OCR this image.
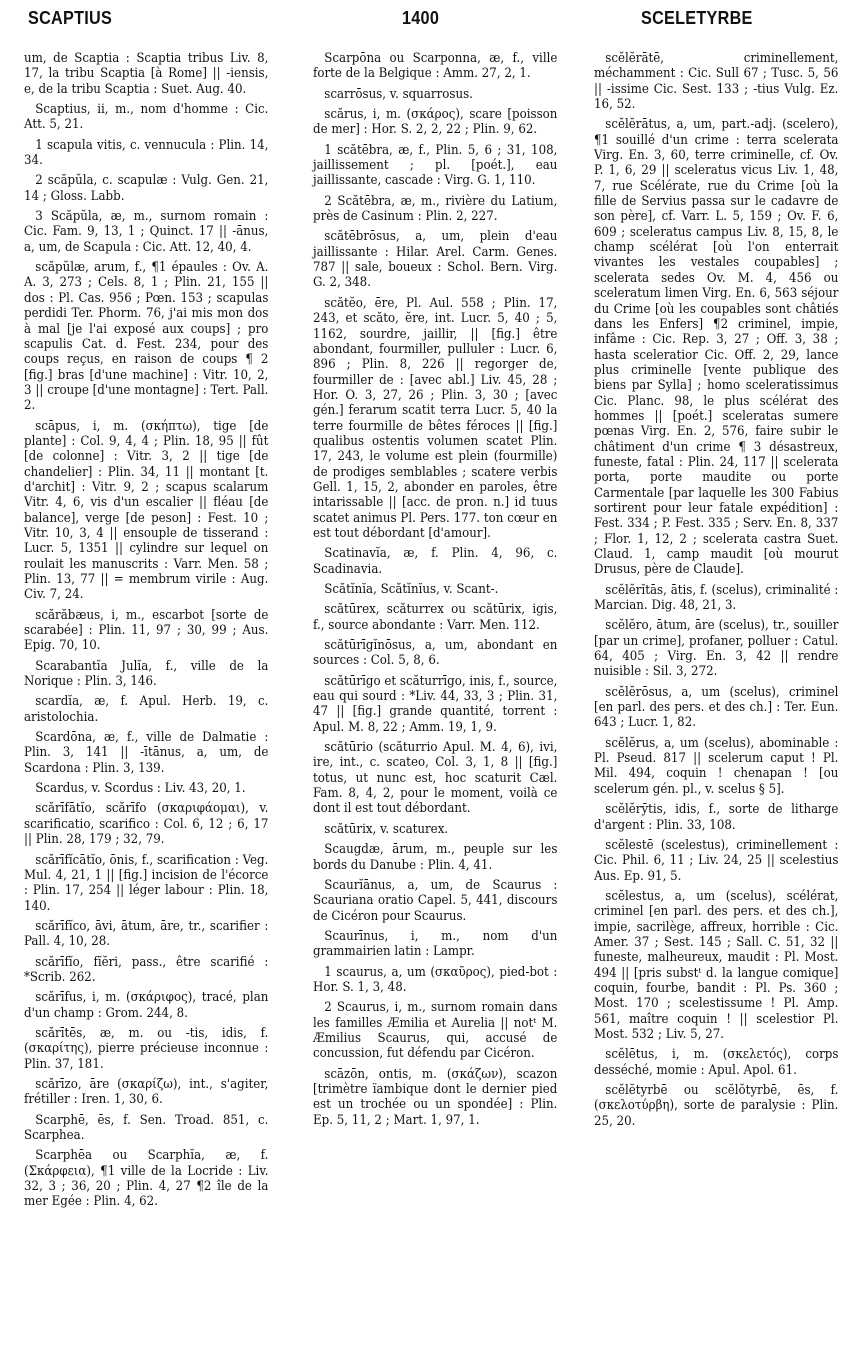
SCAPTIUS	1400	SCELETYRBE

um, de Scaptia : Scaptia tribus Liv. 8, 17, la tribu Scaptia [à Rome] || -iensis, e, de la tribu Scaptia : Suet. Aug. 40.

Scaptius, ii, m., nom d'homme : Cic. Att. 5, 21.

1 scapula vitis, c. vennucula : Plin. 14, 34.

2 scăpŭla, c. scapulæ : Vulg. Gen. 21, 14 ; Gloss. Labb.

3 Scăpŭla, æ, m., surnom romain : Cic. Fam. 9, 13, 1 ; Quinct. 17 || -ānus, a, um, de Scapula : Cic. Att. 12, 40, 4.

scăpŭlæ, arum, f., ¶1 épaules : Ov. A. A. 3, 273 ; Cels. 8, 1 ; Plin. 21, 155 || dos : Pl. Cas. 956 ; Pœn. 153 ; scapulas perdidi Ter. Phorm. 76, j'ai mis mon dos à mal [je l'ai exposé aux coups] ; pro scapulis Cat. d. Fest. 234, pour des coups reçus, en raison de coups ¶ 2 [fig.] bras [d'une machine] : Vitr. 10, 2, 3 || croupe [d'une montagne] : Tert. Pall. 2.

scāpus, i, m. (σκήπτω), tige [de plante] : Col. 9, 4, 4 ; Plin. 18, 95 || fût [de colonne] : Vitr. 3, 2 || tige [de chandelier] : Plin. 34, 11 || montant [t. d'archit] : Vitr. 9, 2 ; scapus scalarum Vitr. 4, 6, vis d'un escalier || fléau [de balance], verge [de peson] : Fest. 10 ; Vitr. 10, 3, 4 || ensouple de tisserand : Lucr. 5, 1351 || cylindre sur lequel on roulait les manuscrits : Varr. Men. 58 ; Plin. 13, 77 || = membrum virile : Aug. Civ. 7, 24.

scărăbæus, i, m., escarbot [sorte de scarabée] : Plin. 11, 97 ; 30, 99 ; Aus. Epig. 70, 10.

Scarabantĭa Julĭa, f., ville de la Norique : Plin. 3, 146.

scardĭa, æ, f. Apul. Herb. 19, c. aristolochia.

Scardōna, æ, f., ville de Dalmatie : Plin. 3, 141 || -ītānus, a, um, de Scardona : Plin. 3, 139.

Scardus, v. Scordus : Liv. 43, 20, 1.

scărīfātĭo, scărīfo (σκαριφάομαι), v. scarificatio, scarifico : Col. 6, 12 ; 6, 17 || Plin. 28, 179 ; 32, 79.

scărīfĭcātĭo, ōnis, f., scarification : Veg. Mul. 4, 21, 1 || [fig.] incision de l'écorce : Plin. 17, 254 || léger labour : Plin. 18, 140.

scărīfĭco, āvi, ātum, āre, tr., scarifier : Pall. 4, 10, 28.

scărīfĭo, fĭĕri, pass., être scarifié : *Scrib. 262.

scărīfus, i, m. (σκάριφος), tracé, plan d'un champ : Grom. 244, 8.

scărītēs, æ, m. ou -tis, idis, f. (σκαρίτης), pierre précieuse inconnue : Plin. 37, 181.

scărīzo, āre (σκαρίζω), int., s'agiter, frétiller : Iren. 1, 30, 6.

Scarphē, ēs, f. Sen. Troad. 851, c. Scarphea.

Scarphēa ou Scarphĭa, æ, f. (Σκάρφεια), ¶1 ville de la Locride : Liv. 32, 3 ; 36, 20 ; Plin. 4, 27 ¶2 île de la mer Egée : Plin. 4, 62.

Scarpōna ou Scarponna, æ, f., ville forte de la Belgique : Amm. 27, 2, 1.

scarrōsus, v. squarrosus.

scărus, i, m. (σκάρος), scare [poisson de mer] : Hor. S. 2, 2, 22 ; Plin. 9, 62.

1 scătēbra, æ, f., Plin. 5, 6 ; 31, 108, jaillissement ; pl. [poét.], eau jaillissante, cascade : Virg. G. 1, 110.

2 Scătēbra, æ, m., rivière du Latium, près de Casinum : Plin. 2, 227.

scătēbrōsus, a, um, plein d'eau jaillissante : Hilar. Arel. Carm. Genes. 787 || sale, boueux : Schol. Bern. Virg. G. 2, 348.

scătĕo, ēre, Pl. Aul. 558 ; Plin. 17, 243, et scăto, ĕre, int. Lucr. 5, 40 ; 5, 1162, sourdre, jaillir, || [fig.] être abondant, fourmiller, pulluler : Lucr. 6, 896 ; Plin. 8, 226 || regorger de, fourmiller de : [avec abl.] Liv. 45, 28 ; Hor. O. 3, 27, 26 ; Plin. 3, 30 ; [avec gén.] ferarum scatit terra Lucr. 5, 40 la terre fourmille de bêtes féroces || [fig.] qualibus ostentis volumen scatet Plin. 17, 243, le volume est plein (fourmille) de prodiges semblables ; scatere verbis Gell. 1, 15, 2, abonder en paroles, être intarissable || [acc. de pron. n.] id tuus scatet animus Pl. Pers. 177. ton cœur en est tout débordant [d'amour].

Scatinavĭa, æ, f. Plin. 4, 96, c. Scadinavia.

Scătĭnĭa, Scătĭnĭus, v. Scant-.

scătūrex, scăturrex ou scătūrix, igis, f., source abondante : Varr. Men. 112.

scătūrīgĭnōsus, a, um, abondant en sources : Col. 5, 8, 6.

scătūrīgo et scăturrīgo, inis, f., source, eau qui sourd : *Liv. 44, 33, 3 ; Plin. 31, 47 || [fig.] grande quantité, torrent : Apul. M. 8, 22 ; Amm. 19, 1, 9.

scătūrio (scăturrio Apul. M. 4, 6), ivi, ire, int., c. scateo, Col. 3, 1, 8 || [fig.] totus, ut nunc est, hoc scaturit Cæl. Fam. 8, 4, 2, pour le moment, voilà ce dont il est tout débordant.

scătūrix, v. scaturex.

Scaugdæ, ārum, m., peuple sur les bords du Danube : Plin. 4, 41.

Scaurĭānus, a, um, de Scaurus : Scauriana oratio Capel. 5, 441, discours de Cicéron pour Scaurus.

Scaurīnus, i, m., nom d'un grammairien latin : Lampr.

1 scaurus, a, um (σκαῦρος), pied-bot : Hor. S. 1, 3, 48.

2 Scaurus, i, m., surnom romain dans les familles Æmilia et Aurelia || notᵗ M. Æmilius Scaurus, qui, accusé de concussion, fut défendu par Cicéron.

scāzōn, ontis, m. (σκάζων), scazon [trimètre ïambique dont le dernier pied est un trochée ou un spondée] : Plin. Ep. 5, 11, 2 ; Mart. 1, 97, 1.

scĕlĕrātē, criminellement, méchamment : Cic. Sull 67 ; Tusc. 5, 56 || -issime Cic. Sest. 133 ; -tius Vulg. Ez. 16, 52.

scĕlĕrātus, a, um, part.-adj. (scelero), ¶1 souillé d'un crime : terra scelerata Virg. En. 3, 60, terre criminelle, cf. Ov. P. 1, 6, 29 || sceleratus vicus Liv. 1, 48, 7, rue Scélérate, rue du Crime [où la fille de Servius passa sur le cadavre de son père], cf. Varr. L. 5, 159 ; Ov. F. 6, 609 ; sceleratus campus Liv. 8, 15, 8, le champ scélérat [où l'on enterrait vivantes les vestales coupables] ; scelerata sedes Ov. M. 4, 456 ou sceleratum limen Virg. En. 6, 563 séjour du Crime [où les coupables sont châtiés dans les Enfers] ¶2 criminel, impie, infâme : Cic. Rep. 3, 27 ; Off. 3, 38 ; hasta sceleratior Cic. Off. 2, 29, lance plus criminelle [vente publique des biens par Sylla] ; homo sceleratissimus Cic. Planc. 98, le plus scélérat des hommes || [poét.] sceleratas sumere pœnas Virg. En. 2, 576, faire subir le châtiment d'un crime ¶ 3 désastreux, funeste, fatal : Plin. 24, 117 || scelerata porta, porte maudite ou porte Carmentale [par laquelle les 300 Fabius sortirent pour leur fatale expédition] : Fest. 334 ; P. Fest. 335 ; Serv. En. 8, 337 ; Flor. 1, 12, 2 ; scelerata castra Suet. Claud. 1, camp maudit [où mourut Drusus, père de Claude].

scĕlĕrĭtās, ātis, f. (scelus), criminalité : Marcian. Dig. 48, 21, 3.

scĕlĕro, ātum, āre (scelus), tr., souiller [par un crime], profaner, polluer : Catul. 64, 405 ; Virg. En. 3, 42 || rendre nuisible : Sil. 3, 272.

scĕlĕrōsus, a, um (scelus), criminel [en parl. des pers. et des ch.] : Ter. Eun. 643 ; Lucr. 1, 82.

scĕlĕrus, a, um (scelus), abominable : Pl. Pseud. 817 || scelerum caput ! Pl. Mil. 494, coquin ! chenapan ! [ou scelerum gén. pl., v. scelus § 5].

scĕlĕrȳtis, idis, f., sorte de litharge d'argent : Plin. 33, 108.

scĕlestē (scelestus), criminellement : Cic. Phil. 6, 11 ; Liv. 24, 25 || scelestius Aus. Ep. 91, 5.

scĕlestus, a, um (scelus), scélérat, criminel [en parl. des pers. et des ch.], impie, sacrilège, affreux, horrible : Cic. Amer. 37 ; Sest. 145 ; Sall. C. 51, 32 || funeste, malheureux, maudit : Pl. Most. 494 || [pris substᵗ d. la langue comique] coquin, fourbe, bandit : Pl. Ps. 360 ; Most. 170 ; scelestissume ! Pl. Amp. 561, maître coquin ! || scelestior Pl. Most. 532 ; Liv. 5, 27.

scĕlētus, i, m. (σκελετός), corps desséché, momie : Apul. Apol. 61.

scĕlĕtyrbē ou scĕlŏtyrbē, ēs, f. (σκελοτύρβη), sorte de paralysie : Plin. 25, 20.
